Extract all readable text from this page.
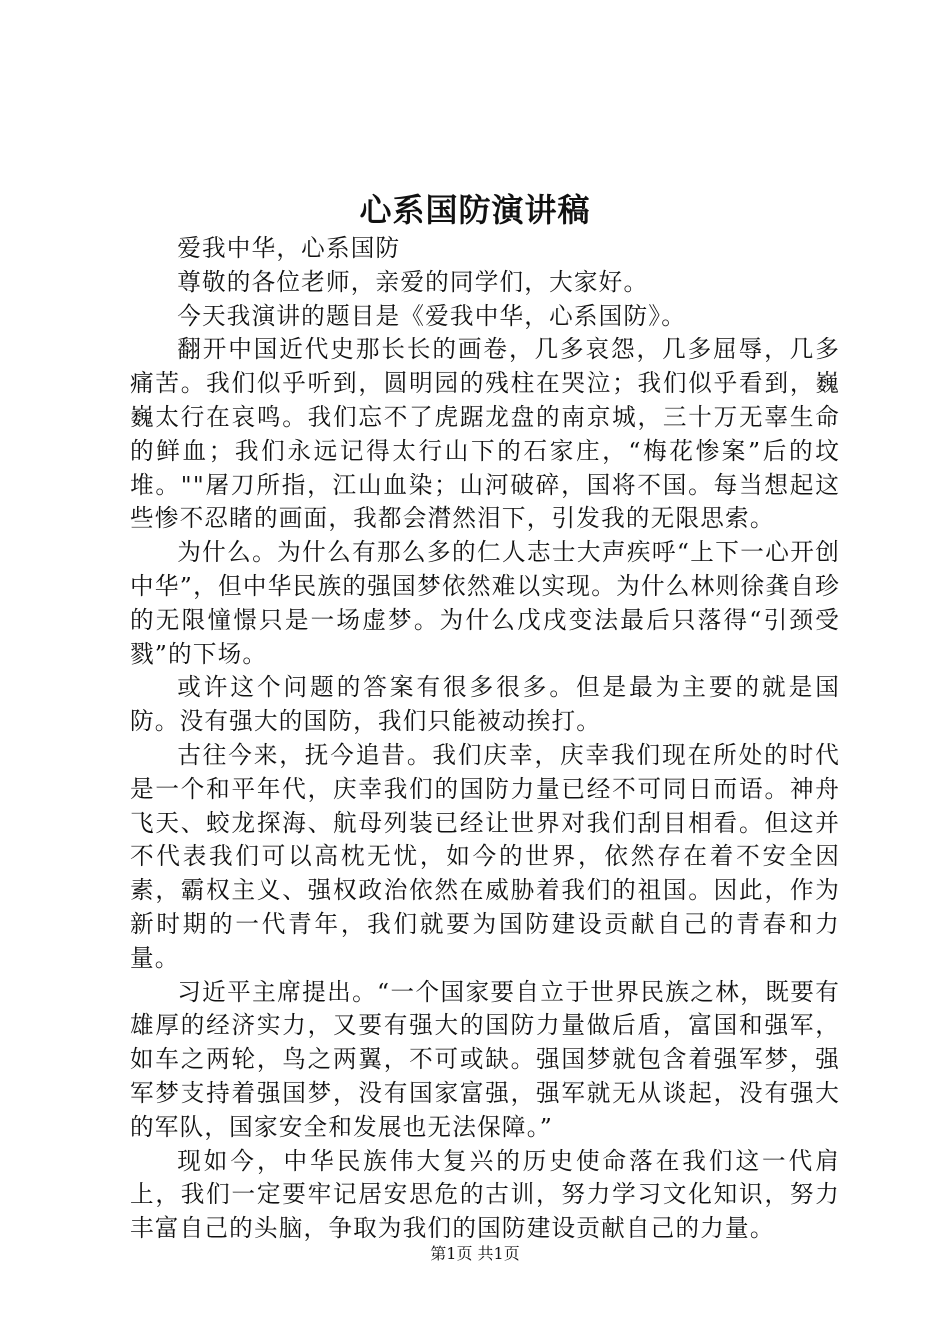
心系国防演讲稿

爱我中华，心系国防

尊敬的各位老师，亲爱的同学们，大家好。

今天我演讲的题目是《爱我中华，心系国防》。

翻开中国近代史那长长的画卷，几多哀怨，几多屈辱，几多痛苦。我们似乎听到，圆明园的残柱在哭泣；我们似乎看到，巍巍太行在哀鸣。我们忘不了虎踞龙盘的南京城，三十万无辜生命的鲜血；我们永远记得太行山下的石家庄，“梅花惨案”后的坟堆。""屠刀所指，江山血染；山河破碎，国将不国。每当想起这些惨不忍睹的画面，我都会潸然泪下，引发我的无限思索。

为什么。为什么有那么多的仁人志士大声疾呼“上下一心开创中华”，但中华民族的强国梦依然难以实现。为什么林则徐龚自珍的无限憧憬只是一场虚梦。为什么戊戌变法最后只落得“引颈受戮”的下场。

或许这个问题的答案有很多很多。但是最为主要的就是国防。没有强大的国防，我们只能被动挨打。

古往今来，抚今追昔。我们庆幸，庆幸我们现在所处的时代是一个和平年代，庆幸我们的国防力量已经不可同日而语。神舟飞天、蛟龙探海、航母列装已经让世界对我们刮目相看。但这并不代表我们可以高枕无忧，如今的世界，依然存在着不安全因素，霸权主义、强权政治依然在威胁着我们的祖国。因此，作为新时期的一代青年，我们就要为国防建设贡献自己的青春和力量。

习近平主席提出。“一个国家要自立于世界民族之林，既要有雄厚的经济实力，又要有强大的国防力量做后盾，富国和强军，如车之两轮，鸟之两翼，不可或缺。强国梦就包含着强军梦，强军梦支持着强国梦，没有国家富强，强军就无从谈起，没有强大的军队，国家安全和发展也无法保障。”

现如今，中华民族伟大复兴的历史使命落在我们这一代肩上，我们一定要牢记居安思危的古训，努力学习文化知识，努力丰富自己的头脑，争取为我们的国防建设贡献自己的力量。

第1页 共1页
